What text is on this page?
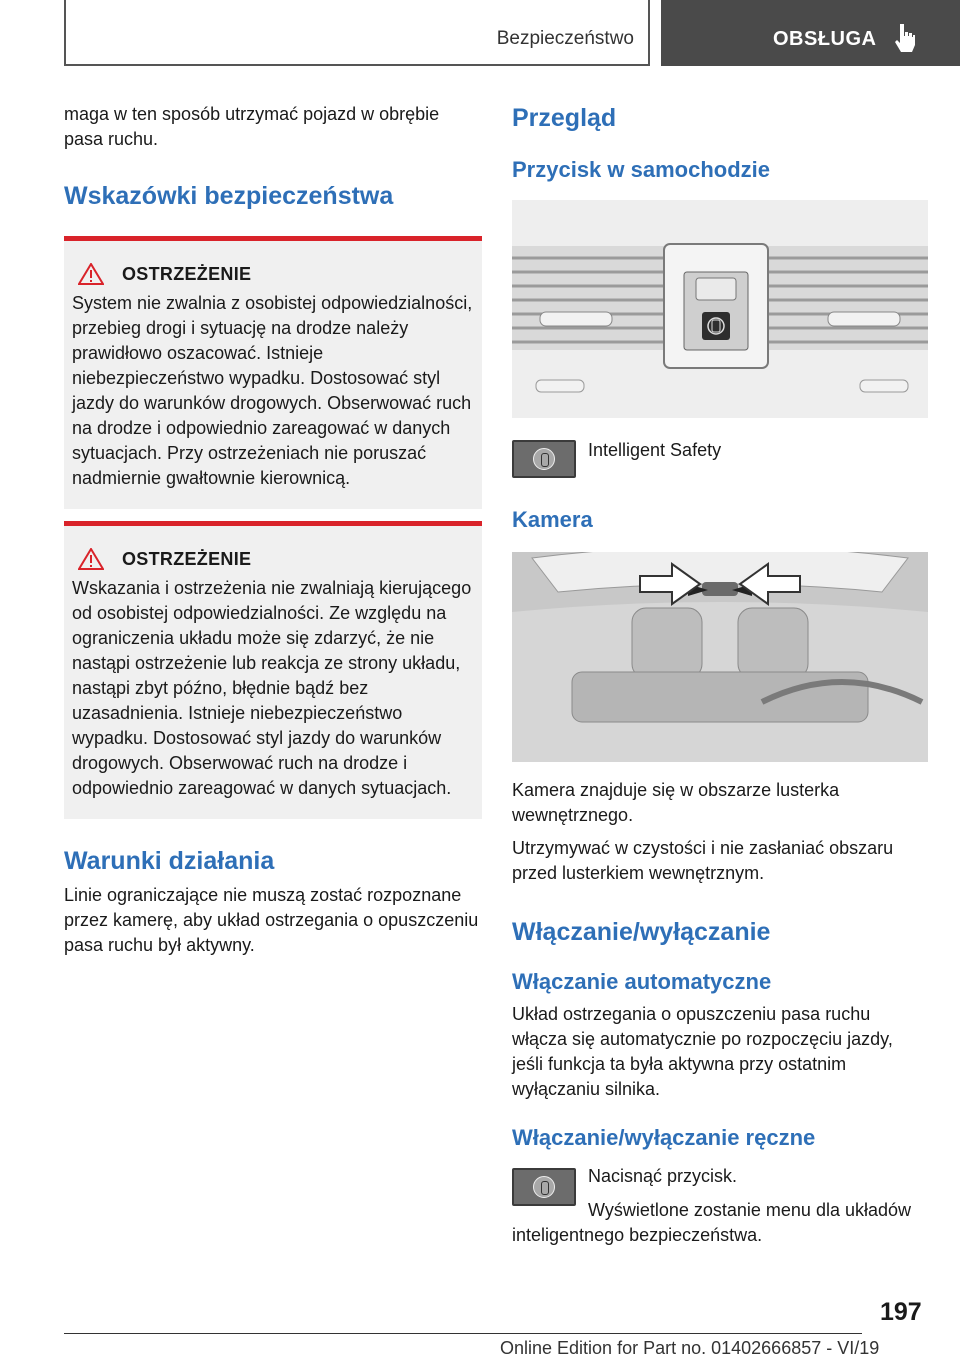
Bezpieczeństwo	OBSŁUGA

maga w ten sposób utrzymać pojazd w obrębie pasa ruchu.

Wskazówki bezpieczeństwa
OSTRZEŻENIE

System nie zwalnia z osobistej odpowiedzialności, przebieg drogi i sytuację na drodze należy prawidłowo oszacować. Istnieje niebezpieczeństwo wypadku. Dostosować styl jazdy do warunków drogowych. Obserwować ruch na drodze i odpowiednio zareagować w danych sytuacjach. Przy ostrzeżeniach nie poruszać nadmiernie gwałtownie kierownicą.

OSTRZEŻENIE

Wskazania i ostrzeżenia nie zwalniają kierującego od osobistej odpowiedzialności. Ze względu na ograniczenia układu może się zdarzyć, że nie nastąpi ostrzeżenie lub reakcja ze strony układu, nastąpi zbyt późno, błędnie bądź bez uzasadnienia. Istnieje niebezpieczeństwo wypadku. Dostosować styl jazdy do warunków drogowych. Obserwować ruch na drodze i odpowiednio zareagować w danych sytuacjach.

Warunki działania

Linie ograniczające nie muszą zostać rozpoznane przez kamerę, aby układ ostrzegania o opuszczeniu pasa ruchu był aktywny.

Przegląd
Przycisk w samochodzie

Intelligent Safety

Kamera

Kamera znajduje się w obszarze lusterka wewnętrznego.

Utrzymywać w czystości i nie zasłaniać obszaru przed lusterkiem wewnętrznym.

Włączanie/wyłączanie
Włączanie automatyczne

Układ ostrzegania o opuszczeniu pasa ruchu włącza się automatycznie po rozpoczęciu jazdy, jeśli funkcja ta była aktywna przy ostatnim wyłączaniu silnika.

Włączanie/wyłączanie ręczne

Nacisnąć przycisk.

Wyświetlone zostanie menu dla układów inteligentnego bezpieczeństwa.

197
Online Edition for Part no. 01402666857 - VI/19
